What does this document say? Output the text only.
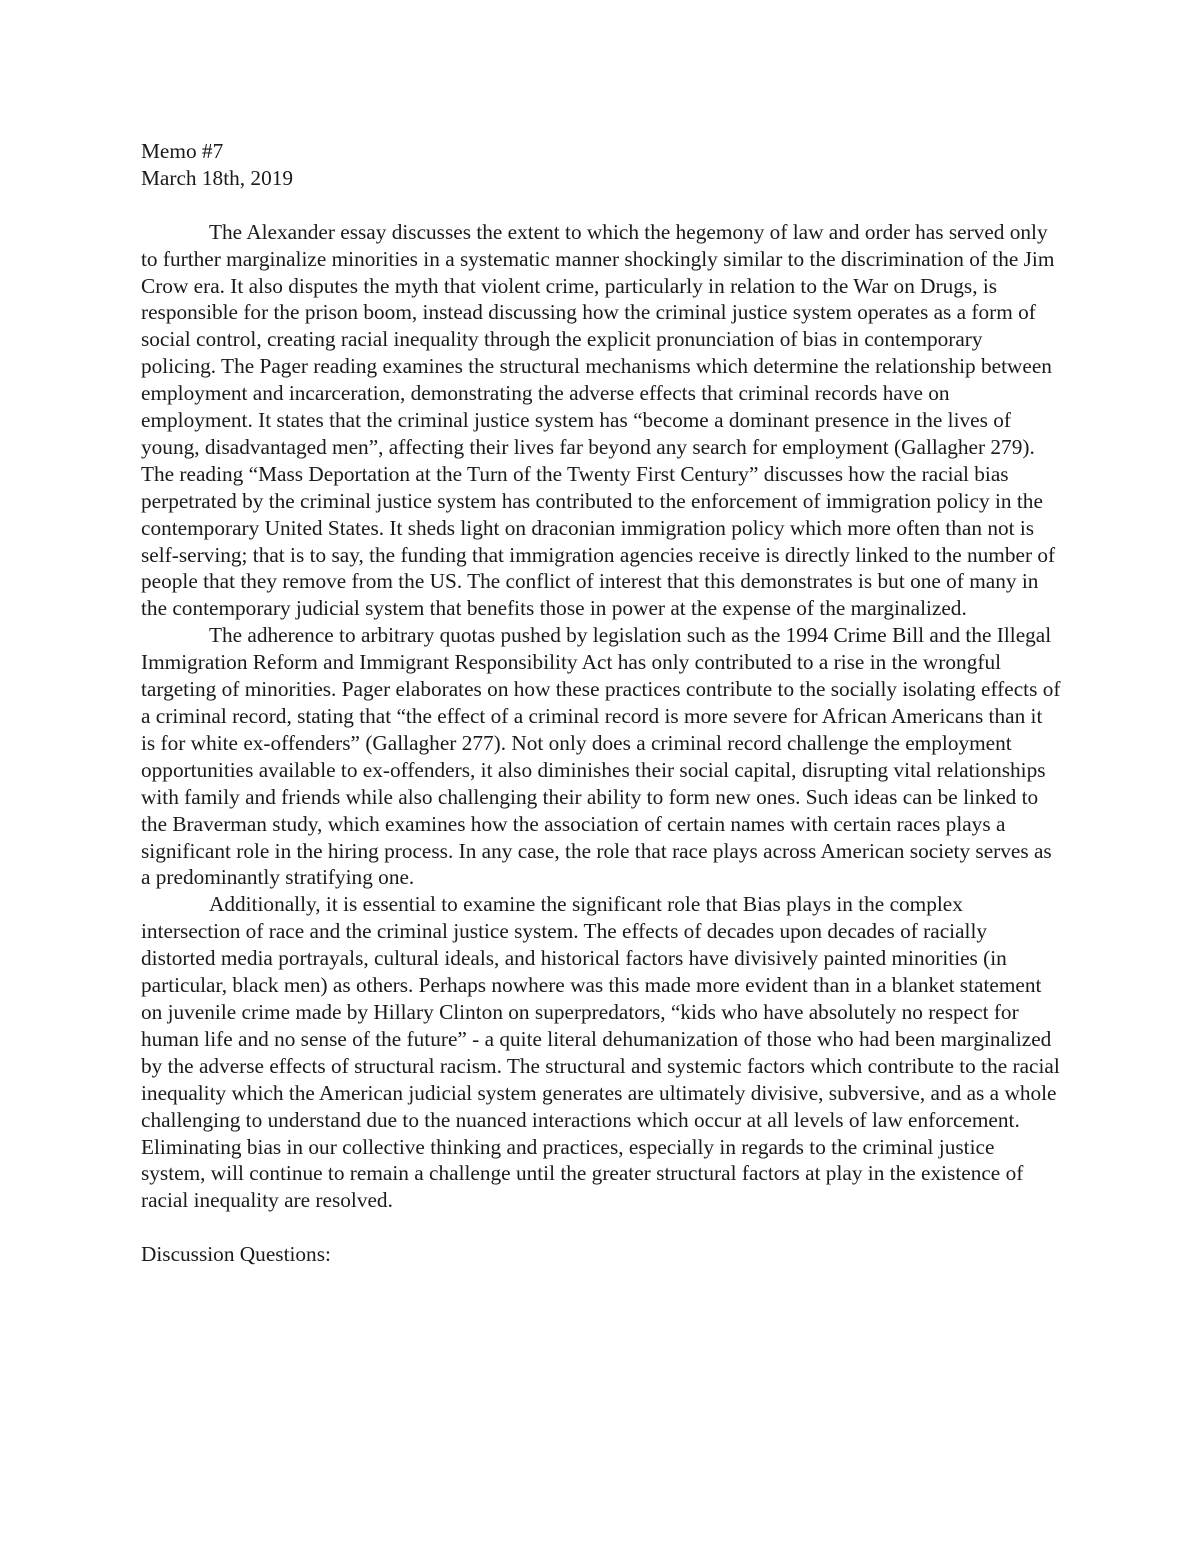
Memo #7
March 18th, 2019

The Alexander essay discusses the extent to which the hegemony of law and order has served only to further marginalize minorities in a systematic manner shockingly similar to the discrimination of the Jim Crow era. It also disputes the myth that violent crime, particularly in relation to the War on Drugs, is responsible for the prison boom, instead discussing how the criminal justice system operates as a form of social control, creating racial inequality through the explicit pronunciation of bias in contemporary policing. The Pager reading examines the structural mechanisms which determine the relationship between employment and incarceration, demonstrating the adverse effects that criminal records have on employment. It states that the criminal justice system has “become a dominant presence in the lives of young, disadvantaged men”, affecting their lives far beyond any search for employment (Gallagher 279). The reading “Mass Deportation at the Turn of the Twenty First Century” discusses how the racial bias perpetrated by the criminal justice system has contributed to the enforcement of immigration policy in the contemporary United States. It sheds light on draconian immigration policy which more often than not is self-serving; that is to say, the funding that immigration agencies receive is directly linked to the number of people that they remove from the US. The conflict of interest that this demonstrates is but one of many in the contemporary judicial system that benefits those in power at the expense of the marginalized.

The adherence to arbitrary quotas pushed by legislation such as the 1994 Crime Bill and the Illegal Immigration Reform and Immigrant Responsibility Act has only contributed to a rise in the wrongful targeting of minorities. Pager elaborates on how these practices contribute to the socially isolating effects of a criminal record, stating that “the effect of a criminal record is more severe for African Americans than it is for white ex-offenders” (Gallagher 277). Not only does a criminal record challenge the employment opportunities available to ex-offenders, it also diminishes their social capital, disrupting vital relationships with family and friends while also challenging their ability to form new ones. Such ideas can be linked to the Braverman study, which examines how the association of certain names with certain races plays a significant role in the hiring process. In any case, the role that race plays across American society serves as a predominantly stratifying one.

Additionally, it is essential to examine the significant role that Bias plays in the complex intersection of race and the criminal justice system. The effects of decades upon decades of racially distorted media portrayals, cultural ideals, and historical factors have divisively painted minorities (in particular, black men) as others. Perhaps nowhere was this made more evident than in a blanket statement on juvenile crime made by Hillary Clinton on superpredators, “kids who have absolutely no respect for human life and no sense of the future” - a quite literal dehumanization of those who had been marginalized by the adverse effects of structural racism. The structural and systemic factors which contribute to the racial inequality which the American judicial system generates are ultimately divisive, subversive, and as a whole challenging to understand due to the nuanced interactions which occur at all levels of law enforcement. Eliminating bias in our collective thinking and practices, especially in regards to the criminal justice system, will continue to remain a challenge until the greater structural factors at play in the existence of racial inequality are resolved.

Discussion Questions:
